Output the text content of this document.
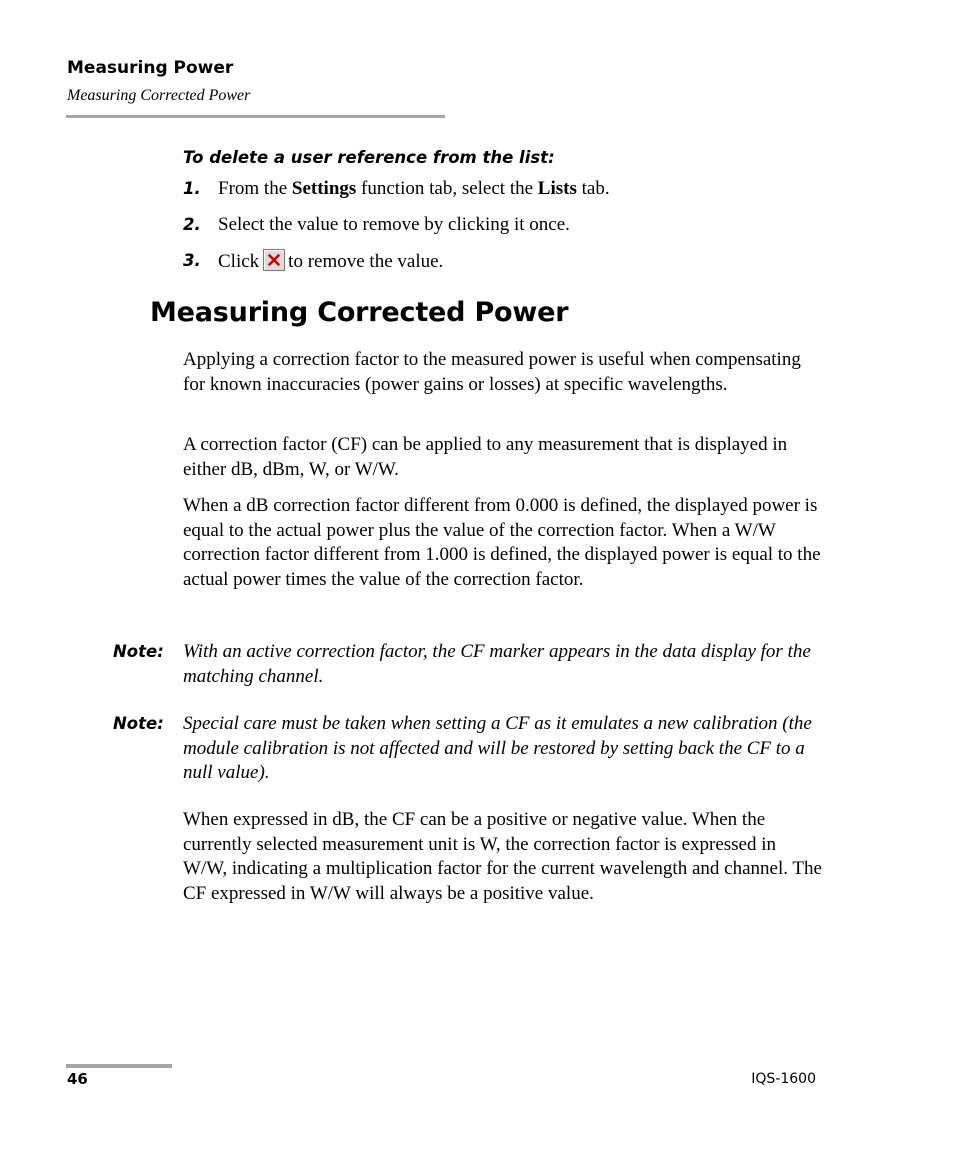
Measuring Power
Measuring Corrected Power
To delete a user reference from the list:
1. From the Settings function tab, select the Lists tab.
2. Select the value to remove by clicking it once.
3. Click to remove the value.
Measuring Corrected Power

Applying a correction factor to the measured power is useful when compensating for known inaccuracies (power gains or losses) at specific wavelengths.

A correction factor (CF) can be applied to any measurement that is displayed in either dB, dBm, W, or W/W.

When a dB correction factor different from 0.000 is defined, the displayed power is equal to the actual power plus the value of the correction factor. When a W/W correction factor different from 1.000 is defined, the displayed power is equal to the actual power times the value of the correction factor.

Note: With an active correction factor, the CF marker appears in the data display for the matching channel.
Note: Special care must be taken when setting a CF as it emulates a new calibration (the module calibration is not affected and will be restored by setting back the CF to a null value).

When expressed in dB, the CF can be a positive or negative value. When the currently selected measurement unit is W, the correction factor is expressed in W/W, indicating a multiplication factor for the current wavelength and channel. The CF expressed in W/W will always be a positive value.

46	IQS-1600
